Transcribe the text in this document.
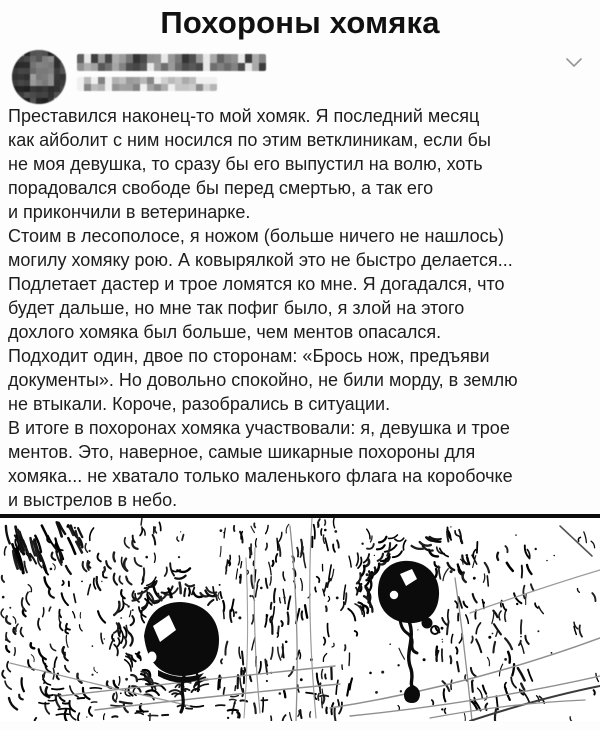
Похороны хомяка
Преставился наконец-то мой хомяк. Я последний месяц
как айболит с ним носился по этим ветклиникам, если бы
не моя девушка, то сразу бы его выпустил на волю, хоть
порадовался свободе бы перед смертью, а так его
и прикончили в ветеринарке.
Стоим в лесополосе, я ножом (больше ничего не нашлось)
могилу хомяку рою. А ковырялкой это не быстро делается...
Подлетает дастер и трое ломятся ко мне. Я догадался, что
будет дальше, но мне так пофиг было, я злой на этого
дохлого хомяка был больше, чем ментов опасался.
Подходит один, двое по сторонам: «Брось нож, предъяви
документы». Но довольно спокойно, не били морду, в землю
не втыкали. Короче, разобрались в ситуации.
В итоге в похоронах хомяка участвовали: я, девушка и трое
ментов. Это, наверное, самые шикарные похороны для
хомяка... не хватало только маленького флага на коробочке
и выстрелов в небо.
